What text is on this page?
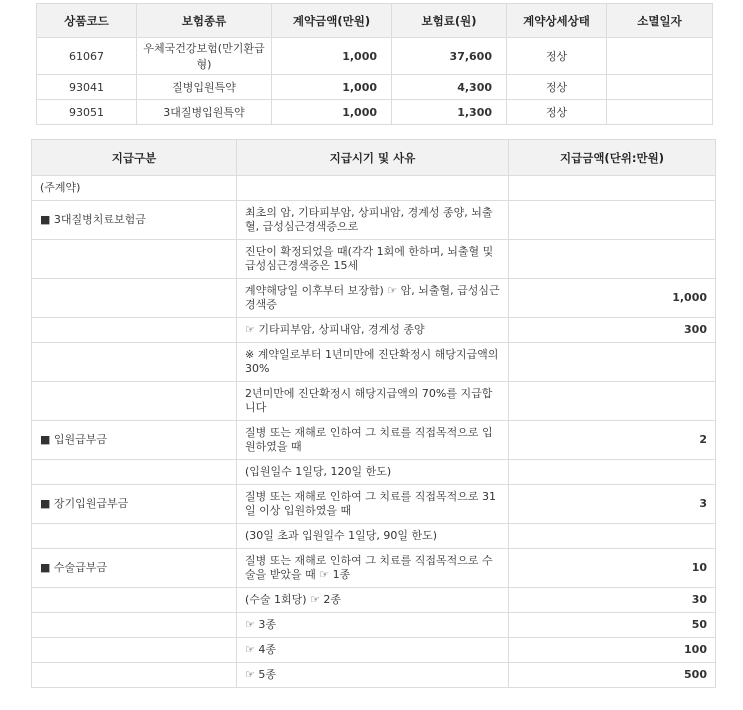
상품코드	보험종류	계약금액(만원)	보험료(원)	계약상세상태	소멸일자
61067	우체국건강보험(만기환급형)	1,000	37,600	정상	
93041	질병입원특약	1,000	4,300	정상	
93051	3대질병입원특약	1,000	1,300	정상	
지급구분	지급시기 및 사유	지급금액(단위:만원)
(주계약)		
■ 3대질병치료보험금	최초의 암, 기타피부암, 상피내암, 경계성 종양, 뇌출혈, 급성심근경색증으로	
	진단이 확정되었을 때(각각 1회에 한하며, 뇌출혈 및 급성심근경색증은 15세	
	계약해당일 이후부터 보장함) ☞ 암, 뇌출혈, 급성심근경색증	1,000
	☞ 기타피부암, 상피내암, 경계성 종양	300
	※ 계약일로부터 1년미만에 진단확정시 해당지급액의 30%	
	2년미만에 진단확정시 해당지급액의 70%를 지급합니다	
■ 입원급부금	질병 또는 재해로 인하여 그 치료를 직접목적으로 입원하였을 때	2
	(입원일수 1일당, 120일 한도)	
■ 장기입원급부금	질병 또는 재해로 인하여 그 치료를 직접목적으로 31일 이상 입원하였을 때	3
	(30일 초과 입원일수 1일당, 90일 한도)	
■ 수술급부금	질병 또는 재해로 인하여 그 치료를 직접목적으로 수술을 받았을 때 ☞ 1종	10
	(수술 1회당) ☞ 2종	30
	☞ 3종	50
	☞ 4종	100
	☞ 5종	500
